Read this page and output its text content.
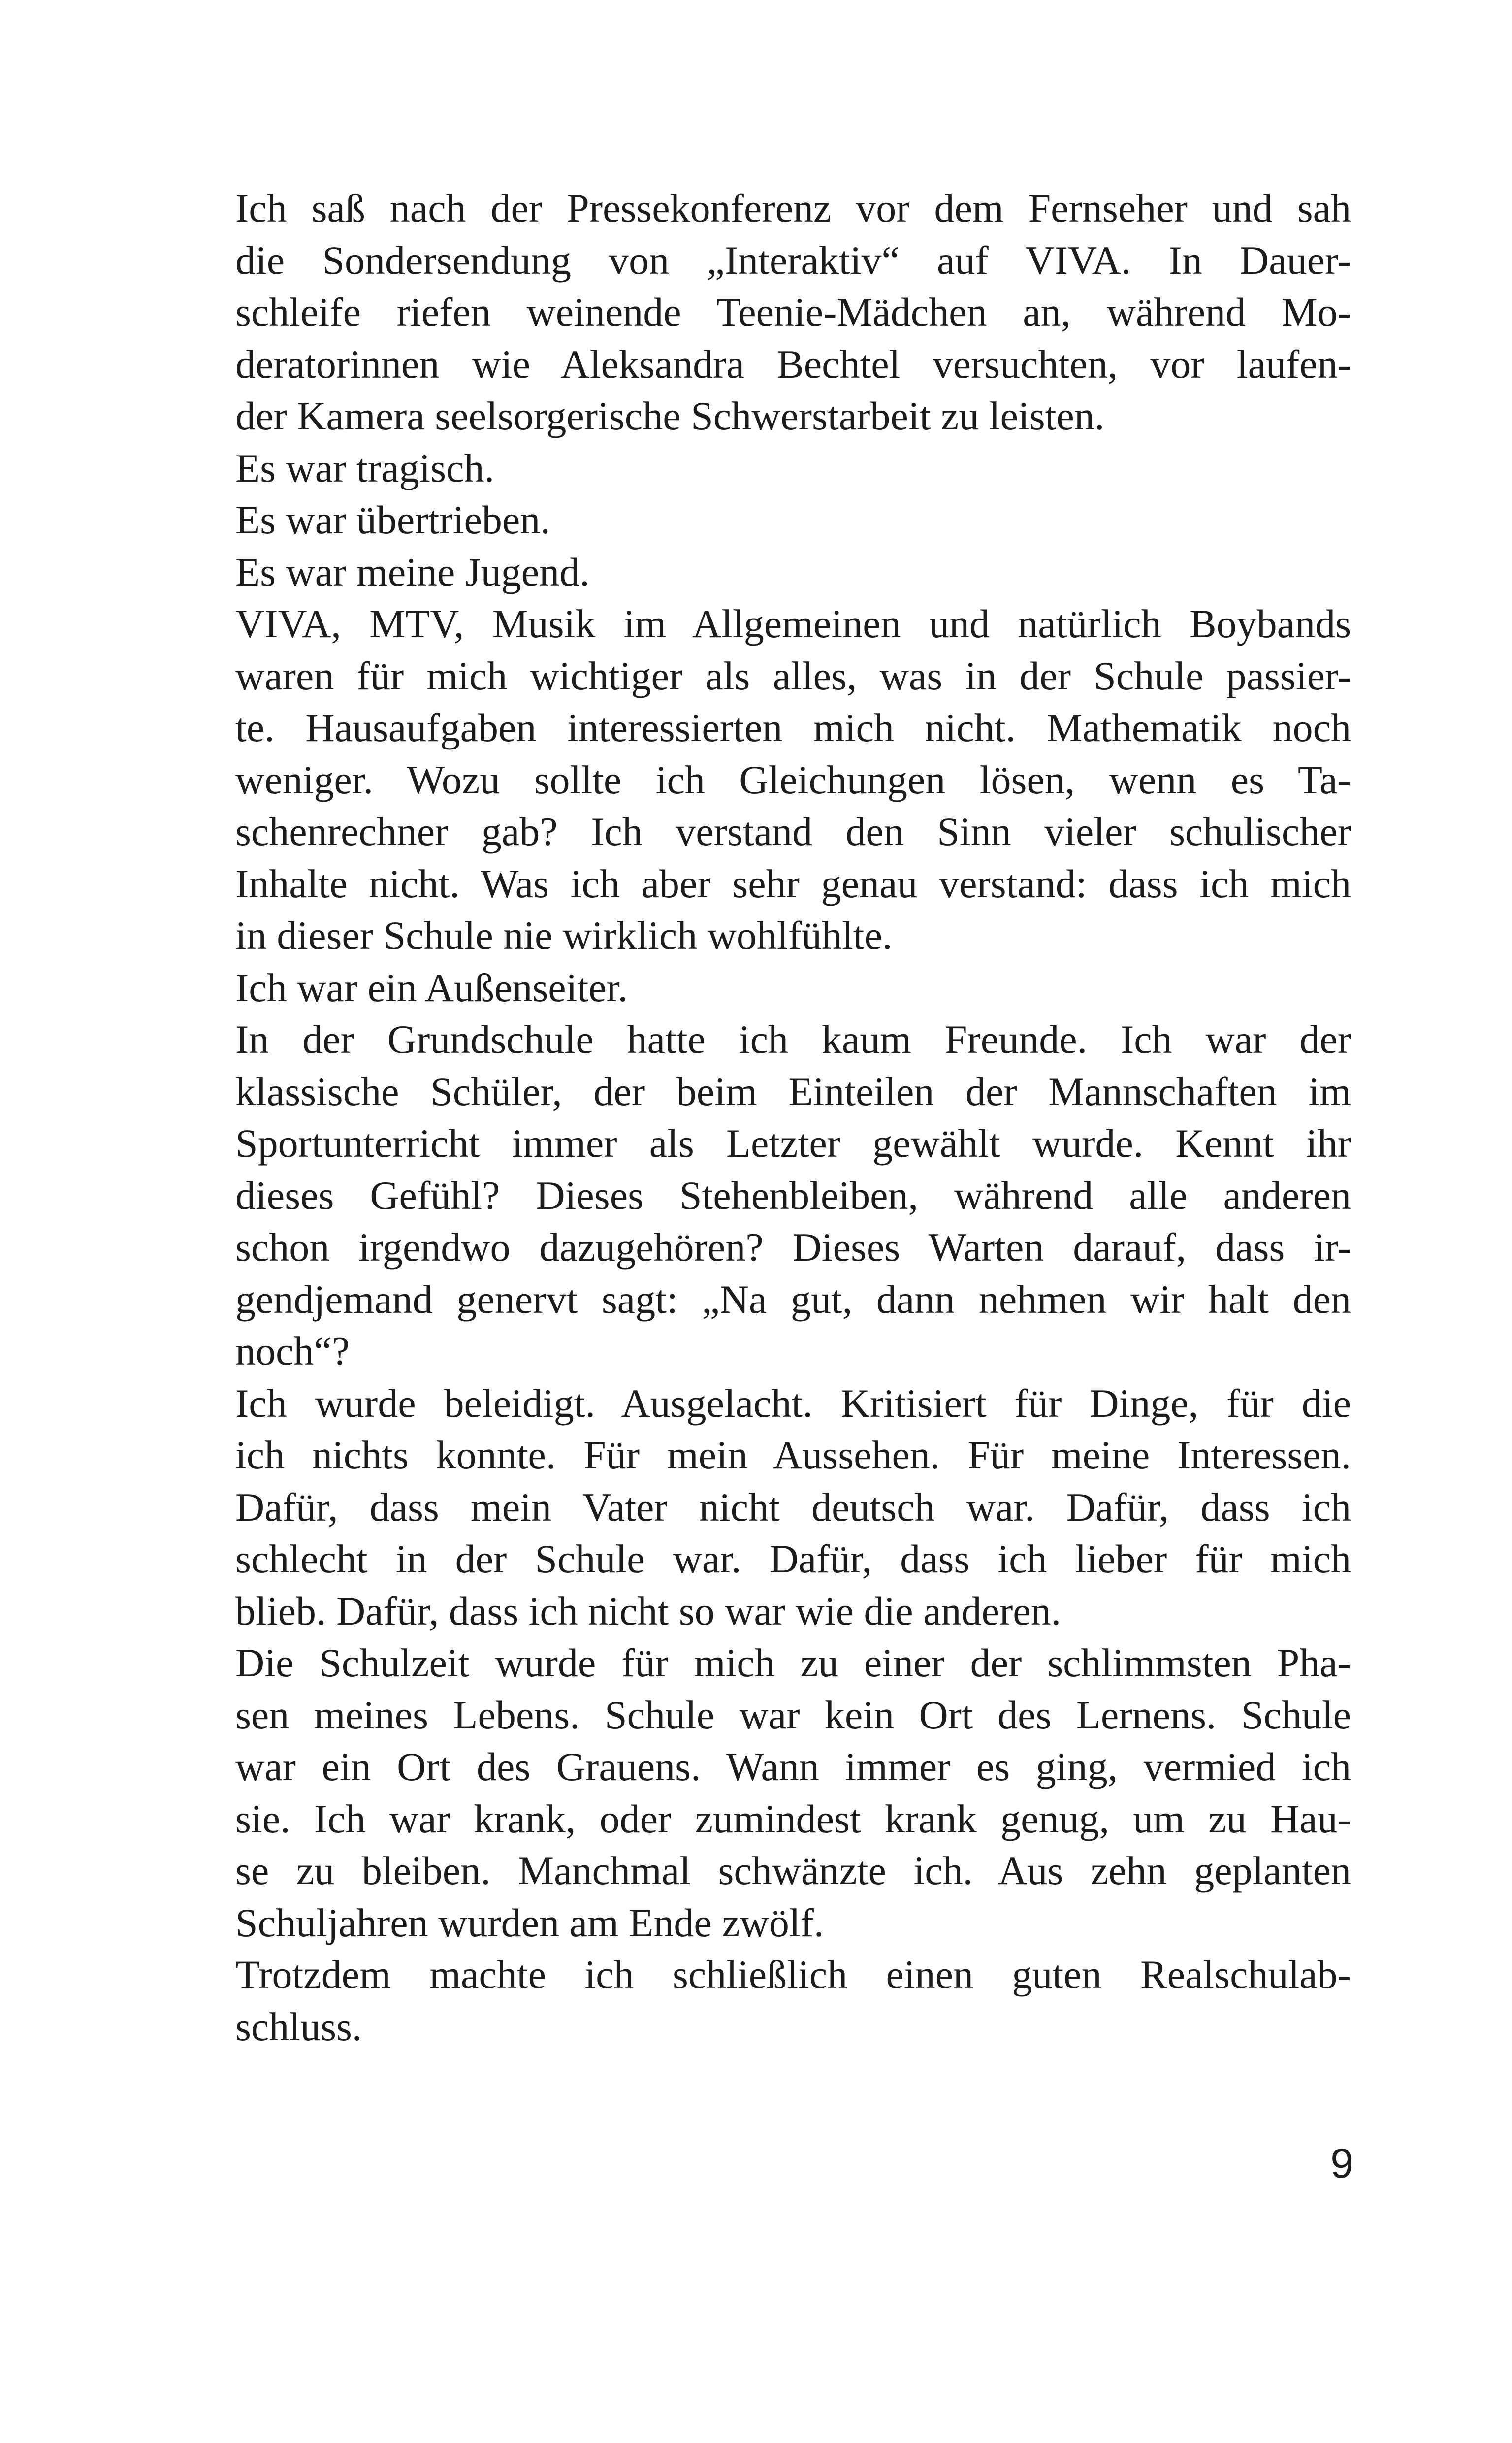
Ich saß nach der Pressekonferenz vor dem Fernseher und sah
die Sondersendung von „Interaktiv“ auf VIVA. In Dauer-
schleife riefen weinende Teenie-Mädchen an, während Mo-
deratorinnen wie Aleksandra Bechtel versuchten, vor laufen-
der Kamera seelsorgerische Schwerstarbeit zu leisten.
Es war tragisch.
Es war übertrieben.
Es war meine Jugend.
VIVA, MTV, Musik im Allgemeinen und natürlich Boybands
waren für mich wichtiger als alles, was in der Schule passier-
te. Hausaufgaben interessierten mich nicht. Mathematik noch
weniger. Wozu sollte ich Gleichungen lösen, wenn es Ta-
schenrechner gab? Ich verstand den Sinn vieler schulischer
Inhalte nicht. Was ich aber sehr genau verstand: dass ich mich
in dieser Schule nie wirklich wohlfühlte.
Ich war ein Außenseiter.
In der Grundschule hatte ich kaum Freunde. Ich war der
klassische Schüler, der beim Einteilen der Mannschaften im
Sportunterricht immer als Letzter gewählt wurde. Kennt ihr
dieses Gefühl? Dieses Stehenbleiben, während alle anderen
schon irgendwo dazugehören? Dieses Warten darauf, dass ir-
gendjemand genervt sagt: „Na gut, dann nehmen wir halt den
noch“?
Ich wurde beleidigt. Ausgelacht. Kritisiert für Dinge, für die
ich nichts konnte. Für mein Aussehen. Für meine Interessen.
Dafür, dass mein Vater nicht deutsch war. Dafür, dass ich
schlecht in der Schule war. Dafür, dass ich lieber für mich
blieb. Dafür, dass ich nicht so war wie die anderen.
Die Schulzeit wurde für mich zu einer der schlimmsten Pha-
sen meines Lebens. Schule war kein Ort des Lernens. Schule
war ein Ort des Grauens. Wann immer es ging, vermied ich
sie. Ich war krank, oder zumindest krank genug, um zu Hau-
se zu bleiben. Manchmal schwänzte ich. Aus zehn geplanten
Schuljahren wurden am Ende zwölf.
Trotzdem machte ich schließlich einen guten Realschulab-
schluss.
9
